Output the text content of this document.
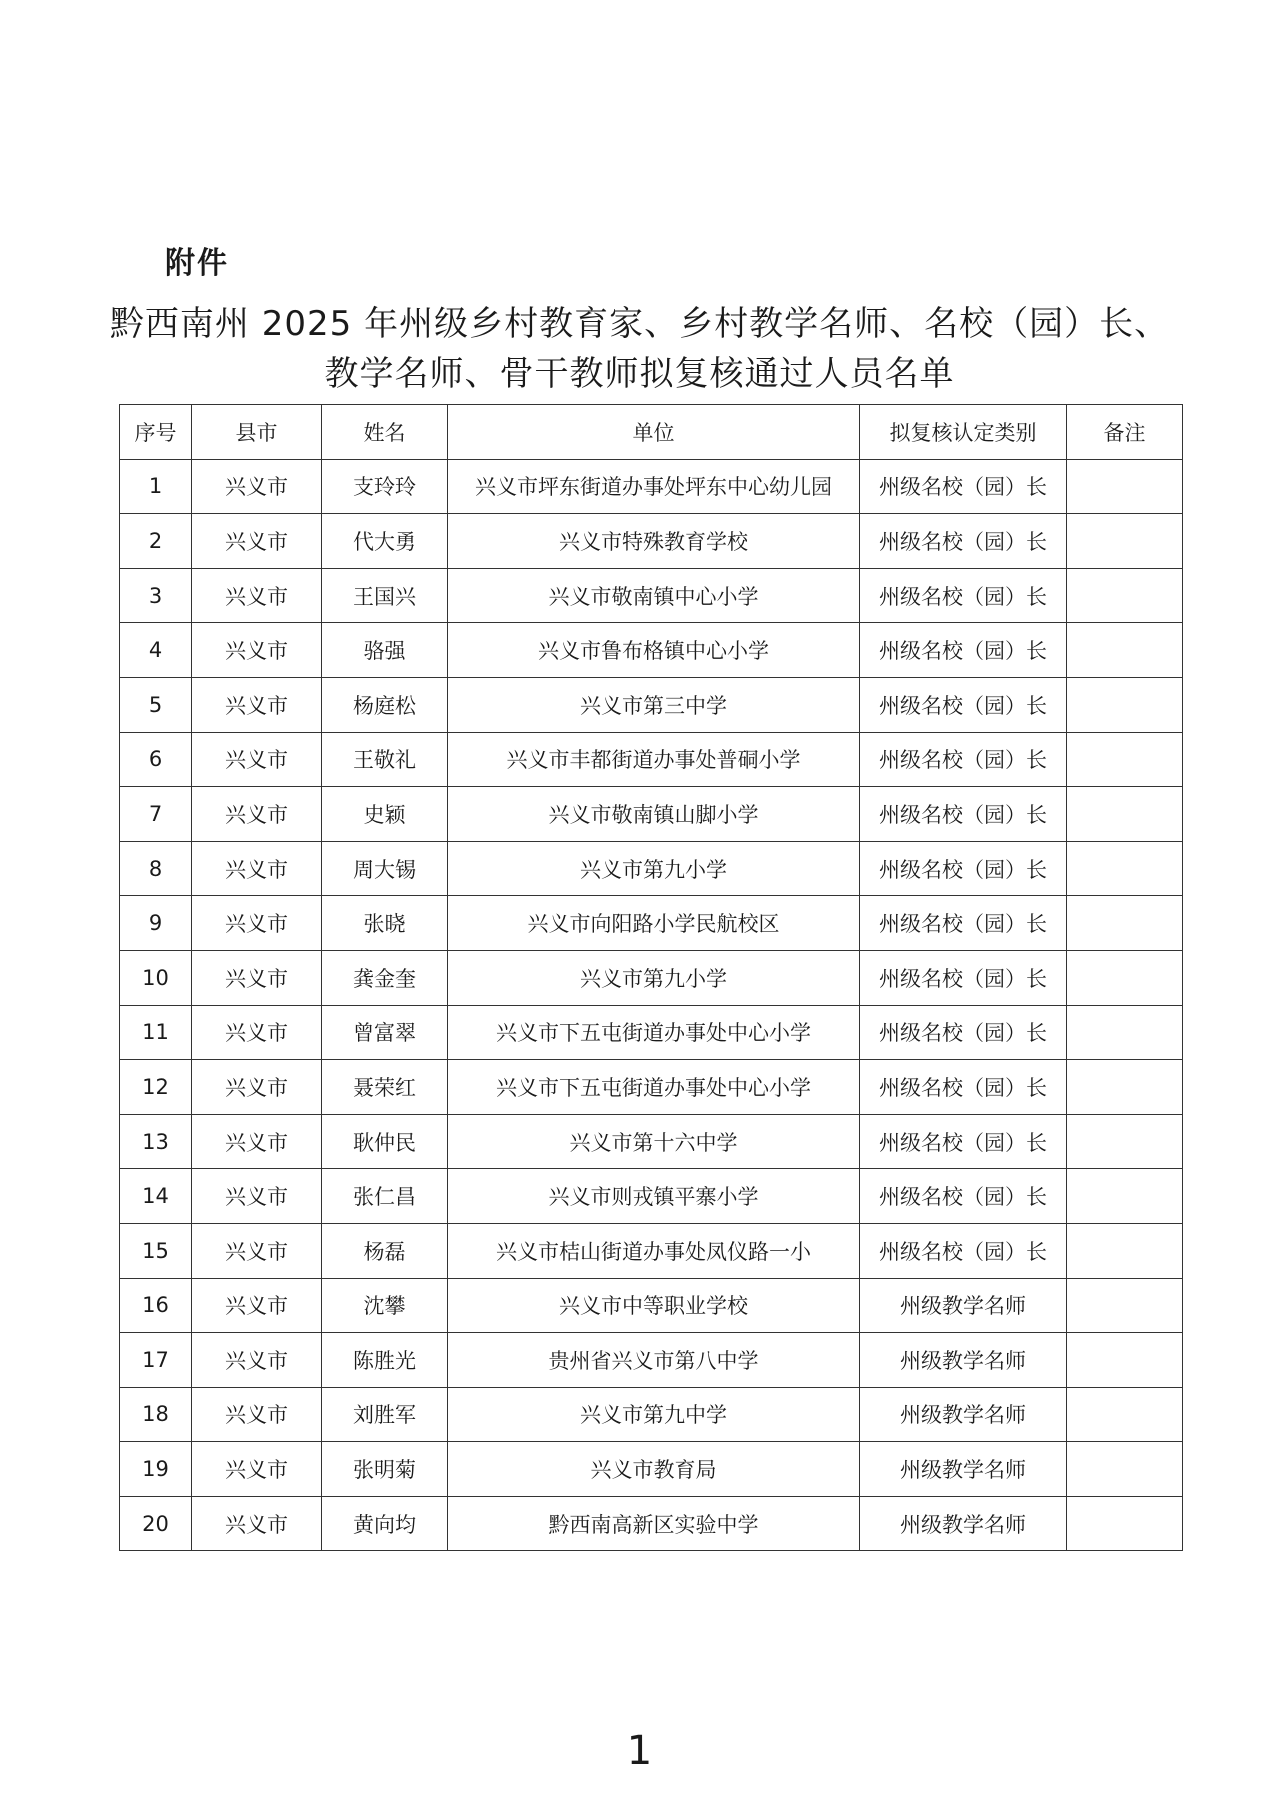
附件
黔西南州 2025 年州级乡村教育家、乡村教学名师、名校（园）长、
教学名师、骨干教师拟复核通过人员名单
序号	县市	姓名	单位	拟复核认定类别	备注
1	兴义市	支玲玲	兴义市坪东街道办事处坪东中心幼儿园	州级名校（园）长	
2	兴义市	代大勇	兴义市特殊教育学校	州级名校（园）长	
3	兴义市	王国兴	兴义市敬南镇中心小学	州级名校（园）长	
4	兴义市	骆强	兴义市鲁布格镇中心小学	州级名校（园）长	
5	兴义市	杨庭松	兴义市第三中学	州级名校（园）长	
6	兴义市	王敬礼	兴义市丰都街道办事处普硐小学	州级名校（园）长	
7	兴义市	史颖	兴义市敬南镇山脚小学	州级名校（园）长	
8	兴义市	周大锡	兴义市第九小学	州级名校（园）长	
9	兴义市	张晓	兴义市向阳路小学民航校区	州级名校（园）长	
10	兴义市	龚金奎	兴义市第九小学	州级名校（园）长	
11	兴义市	曾富翠	兴义市下五屯街道办事处中心小学	州级名校（园）长	
12	兴义市	聂荣红	兴义市下五屯街道办事处中心小学	州级名校（园）长	
13	兴义市	耿仲民	兴义市第十六中学	州级名校（园）长	
14	兴义市	张仁昌	兴义市则戎镇平寨小学	州级名校（园）长	
15	兴义市	杨磊	兴义市桔山街道办事处凤仪路一小	州级名校（园）长	
16	兴义市	沈攀	兴义市中等职业学校	州级教学名师	
17	兴义市	陈胜光	贵州省兴义市第八中学	州级教学名师	
18	兴义市	刘胜军	兴义市第九中学	州级教学名师	
19	兴义市	张明菊	兴义市教育局	州级教学名师	
20	兴义市	黄向均	黔西南高新区实验中学	州级教学名师	
1
